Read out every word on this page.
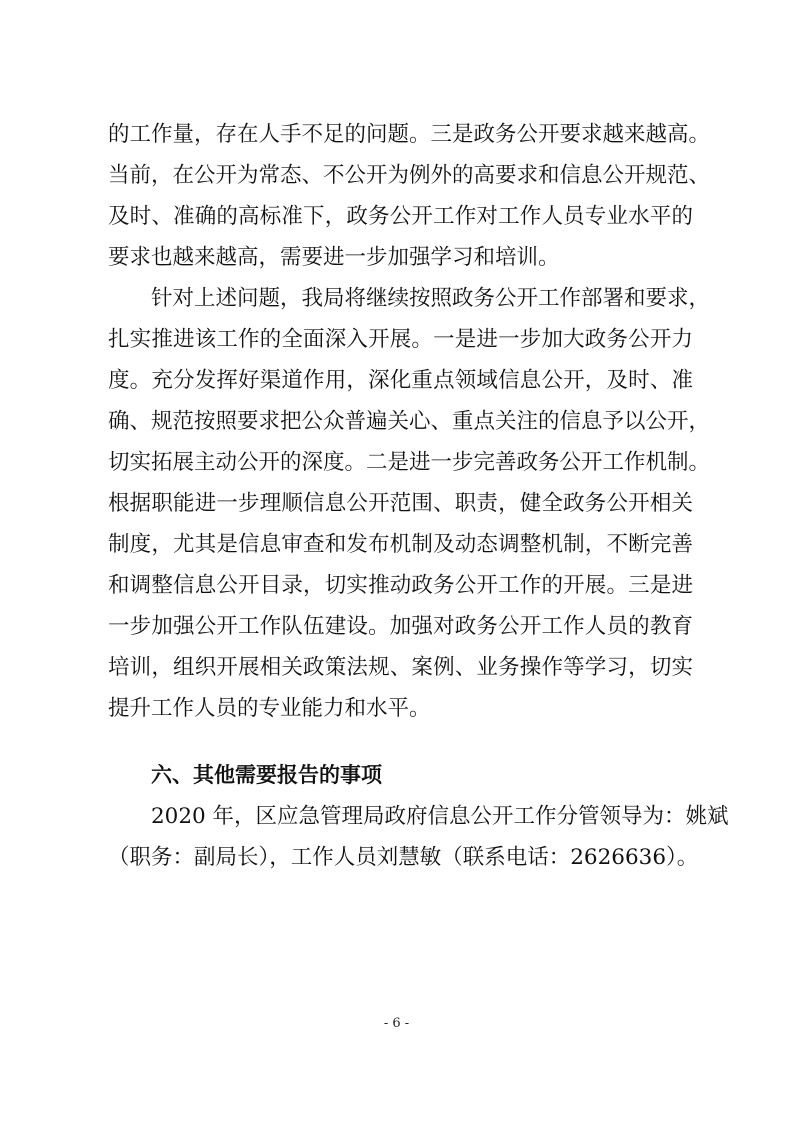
的工作量，存在人手不足的问题。三是政务公开要求越来越高。
当前，在公开为常态、不公开为例外的高要求和信息公开规范、
及时、准确的高标准下，政务公开工作对工作人员专业水平的
要求也越来越高，需要进一步加强学习和培训。
针对上述问题，我局将继续按照政务公开工作部署和要求，
扎实推进该工作的全面深入开展。一是进一步加大政务公开力
度。充分发挥好渠道作用，深化重点领域信息公开，及时、准
确、规范按照要求把公众普遍关心、重点关注的信息予以公开，
切实拓展主动公开的深度。二是进一步完善政务公开工作机制。
根据职能进一步理顺信息公开范围、职责，健全政务公开相关
制度，尤其是信息审查和发布机制及动态调整机制，不断完善
和调整信息公开目录，切实推动政务公开工作的开展。三是进
一步加强公开工作队伍建设。加强对政务公开工作人员的教育
培训，组织开展相关政策法规、案例、业务操作等学习，切实
提升工作人员的专业能力和水平。
六、其他需要报告的事项
2020 年，区应急管理局政府信息公开工作分管领导为：姚斌
（职务：副局长），工作人员刘慧敏（联系电话：2626636）。
- 6 -
